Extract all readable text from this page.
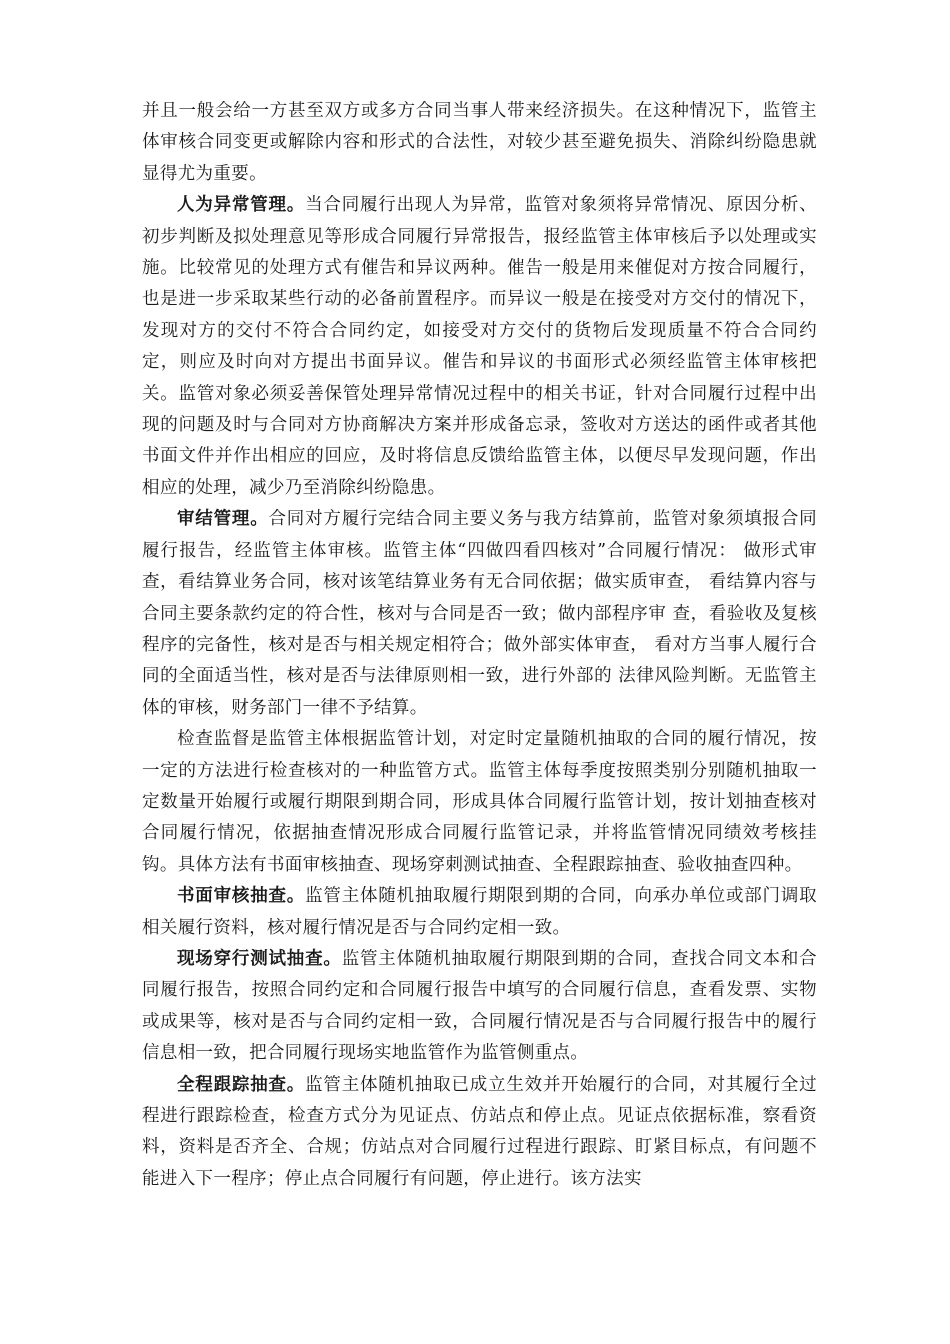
并且一般会给一方甚至双方或多方合同当事人带来经济损失。在这种情况下，监管主体审核合同变更或解除内容和形式的合法性，对较少甚至避免损失、消除纠纷隐患就显得尤为重要。

人为异常管理。当合同履行出现人为异常，监管对象须将异常情况、原因分析、初步判断及拟处理意见等形成合同履行异常报告，报经监管主体审核后予以处理或实施。比较常见的处理方式有催告和异议两种。催告一般是用来催促对方按合同履行，也是进一步采取某些行动的必备前置程序。而异议一般是在接受对方交付的情况下，发现对方的交付不符合合同约定，如接受对方交付的货物后发现质量不符合合同约定，则应及时向对方提出书面异议。催告和异议的书面形式必须经监管主体审核把关。监管对象必须妥善保管处理异常情况过程中的相关书证，针对合同履行过程中出现的问题及时与合同对方协商解决方案并形成备忘录，签收对方送达的函件或者其他书面文件并作出相应的回应，及时将信息反馈给监管主体，以便尽早发现问题，作出相应的处理，减少乃至消除纠纷隐患。

审结管理。合同对方履行完结合同主要义务与我方结算前，监管对象须填报合同履行报告，经监管主体审核。监管主体“四做四看四核对”合同履行情况： 做形式审查，看结算业务合同，核对该笔结算业务有无合同依据；做实质审查， 看结算内容与合同主要条款约定的符合性，核对与合同是否一致；做内部程序审 查，看验收及复核程序的完备性，核对是否与相关规定相符合；做外部实体审查， 看对方当事人履行合同的全面适当性，核对是否与法律原则相一致，进行外部的 法律风险判断。无监管主体的审核，财务部门一律不予结算。

检查监督是监管主体根据监管计划，对定时定量随机抽取的合同的履行情况，按一定的方法进行检查核对的一种监管方式。监管主体每季度按照类别分别随机抽取一定数量开始履行或履行期限到期合同，形成具体合同履行监管计划，按计划抽查核对合同履行情况，依据抽查情况形成合同履行监管记录，并将监管情况同绩效考核挂钩。具体方法有书面审核抽查、现场穿刺测试抽查、全程跟踪抽查、验收抽查四种。

书面审核抽查。监管主体随机抽取履行期限到期的合同，向承办单位或部门调取相关履行资料，核对履行情况是否与合同约定相一致。

现场穿行测试抽查。监管主体随机抽取履行期限到期的合同，查找合同文本和合同履行报告，按照合同约定和合同履行报告中填写的合同履行信息，查看发票、实物或成果等，核对是否与合同约定相一致，合同履行情况是否与合同履行报告中的履行信息相一致，把合同履行现场实地监管作为监管侧重点。

全程跟踪抽查。监管主体随机抽取已成立生效并开始履行的合同，对其履行全过程进行跟踪检查，检查方式分为见证点、仿站点和停止点。见证点依据标准，察看资料，资料是否齐全、合规；仿站点对合同履行过程进行跟踪、盯紧目标点，有问题不能进入下一程序；停止点合同履行有问题，停止进行。该方法实
